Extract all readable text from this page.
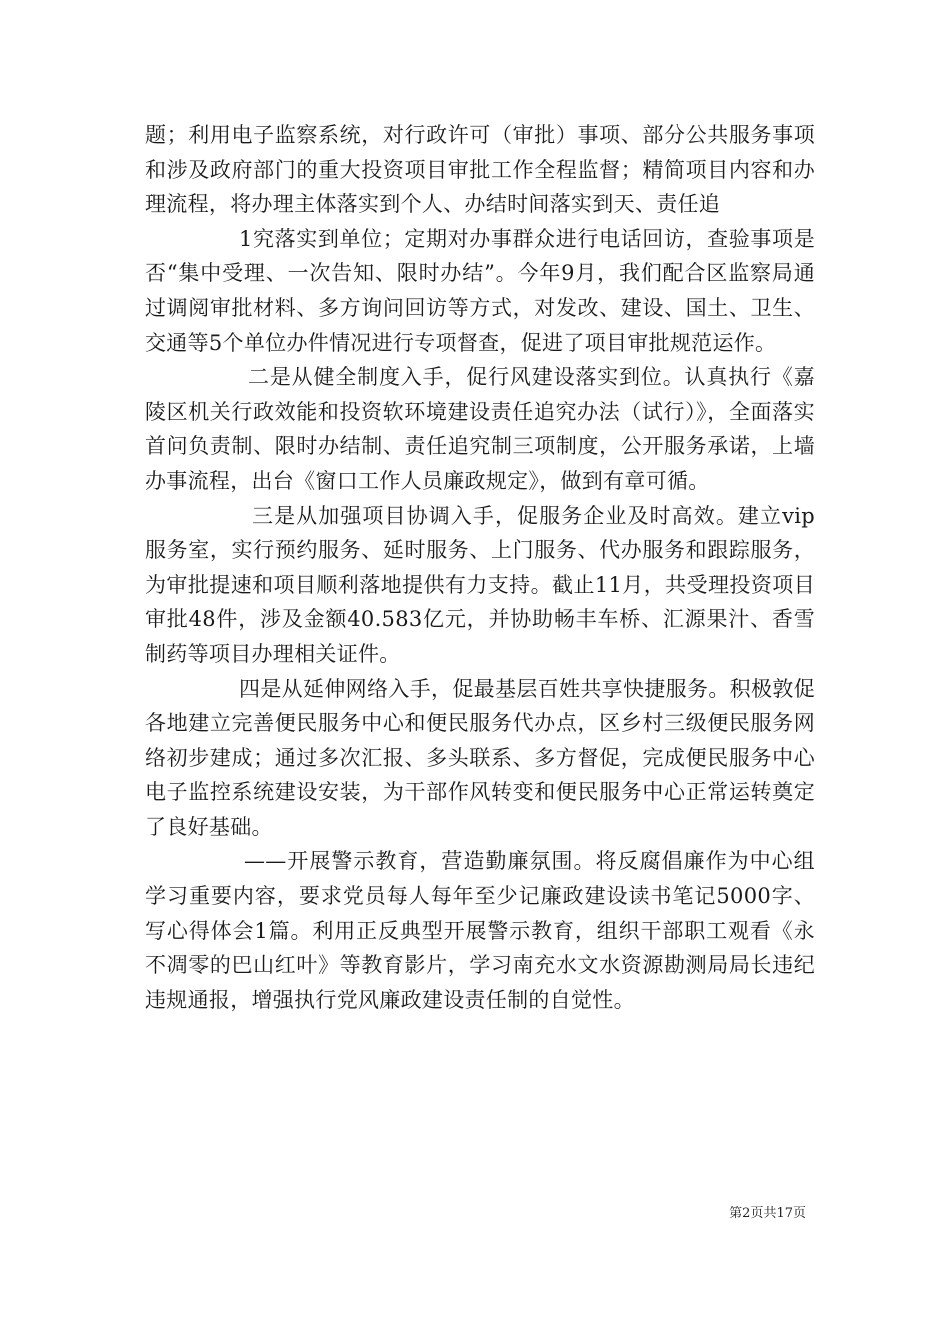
题；利用电子监察系统，对行政许可（审批）事项、部分公共服务事项和涉及政府部门的重大投资项目审批工作全程监督；精简项目内容和办理流程，将办理主体落实到个人、办结时间落实到天、责任追

1究落实到单位；定期对办事群众进行电话回访，查验事项是否“集中受理、一次告知、限时办结”。今年9月，我们配合区监察局通过调阅审批材料、多方询问回访等方式，对发改、建设、国土、卫生、交通等5个单位办件情况进行专项督查，促进了项目审批规范运作。

二是从健全制度入手，促行风建设落实到位。认真执行《嘉陵区机关行政效能和投资软环境建设责任追究办法（试行）》，全面落实首问负责制、限时办结制、责任追究制三项制度，公开服务承诺，上墙办事流程，出台《窗口工作人员廉政规定》，做到有章可循。

三是从加强项目协调入手，促服务企业及时高效。建立vip服务室，实行预约服务、延时服务、上门服务、代办服务和跟踪服务，为审批提速和项目顺利落地提供有力支持。截止11月，共受理投资项目审批48件，涉及金额40.583亿元，并协助畅丰车桥、汇源果汁、香雪制药等项目办理相关证件。

四是从延伸网络入手，促最基层百姓共享快捷服务。积极敦促各地建立完善便民服务中心和便民服务代办点，区乡村三级便民服务网络初步建成；通过多次汇报、多头联系、多方督促，完成便民服务中心电子监控系统建设安装，为干部作风转变和便民服务中心正常运转奠定了良好基础。

——开展警示教育，营造勤廉氛围。将反腐倡廉作为中心组学习重要内容，要求党员每人每年至少记廉政建设读书笔记5000字、写心得体会1篇。利用正反典型开展警示教育，组织干部职工观看《永不凋零的巴山红叶》等教育影片，学习南充水文水资源勘测局局长违纪违规通报，增强执行党风廉政建设责任制的自觉性。

第2页共17页
